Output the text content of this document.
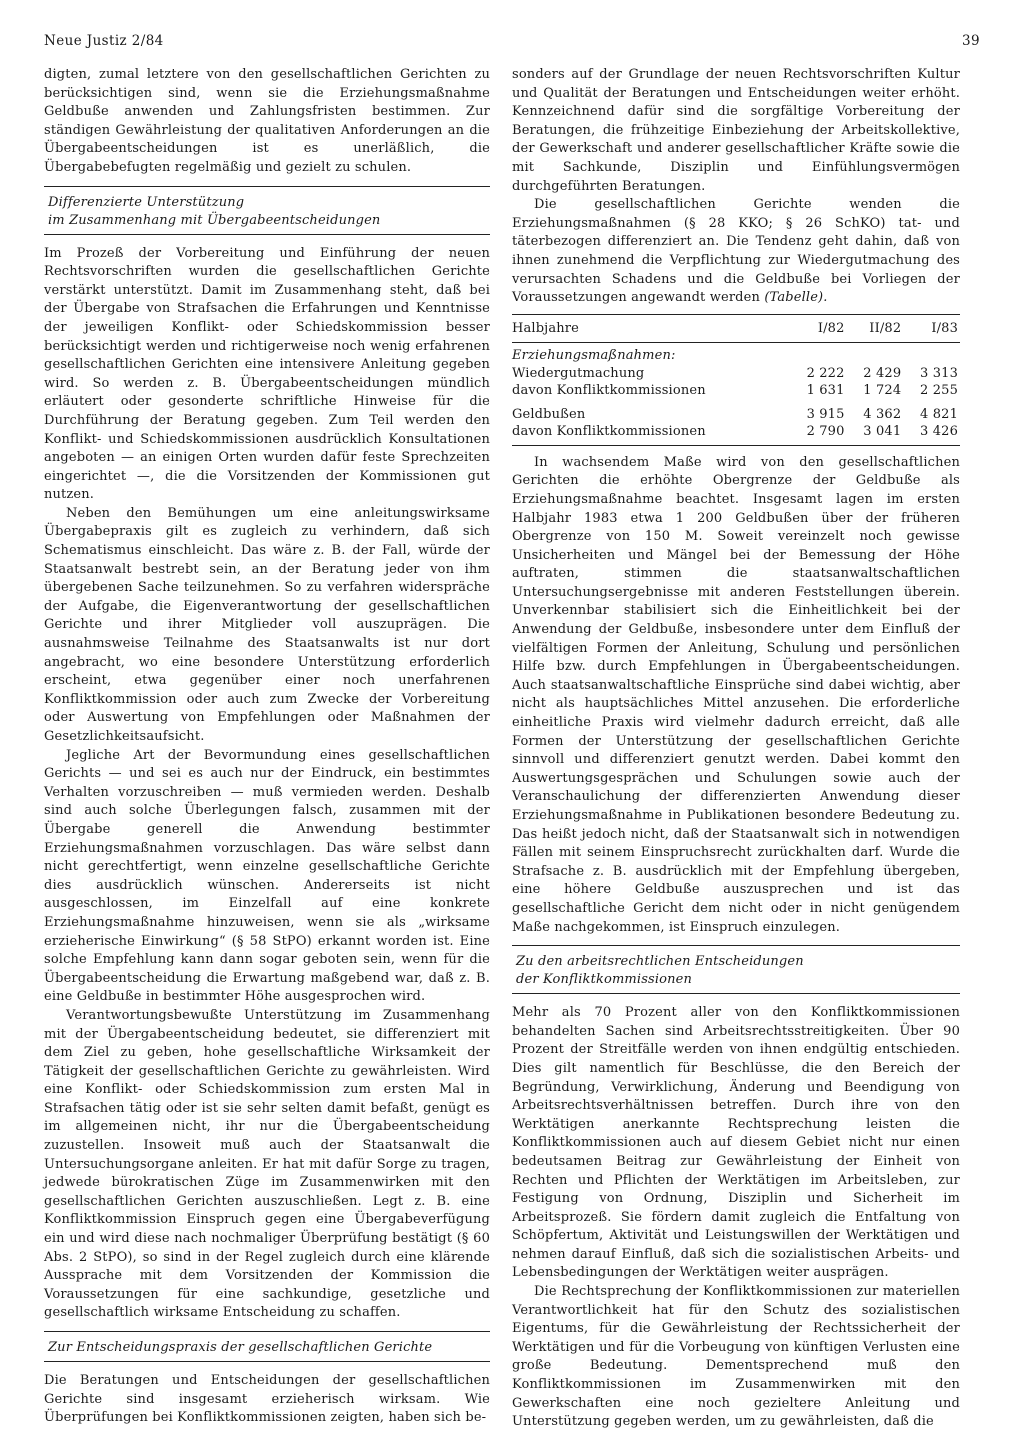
Neue Justiz 2/84	39

digten, zumal letztere von den gesellschaftlichen Gerichten zu berücksichtigen sind, wenn sie die Erziehungsmaßnahme Geldbuße anwenden und Zahlungsfristen bestimmen. Zur ständigen Gewährleistung der qualitativen Anforderungen an die Übergabeentscheidungen ist es unerläßlich, die Übergabebefugten regelmäßig und gezielt zu schulen.

Differenzierte Unterstützung
im Zusammenhang mit Übergabeentscheidungen

Im Prozeß der Vorbereitung und Einführung der neuen Rechtsvorschriften wurden die gesellschaftlichen Gerichte verstärkt unterstützt. Damit im Zusammenhang steht, daß bei der Übergabe von Strafsachen die Erfahrungen und Kenntnisse der jeweiligen Konflikt- oder Schiedskommission besser berücksichtigt werden und richtigerweise noch wenig erfahrenen gesellschaftlichen Gerichten eine intensivere Anleitung gegeben wird. So werden z. B. Übergabeentscheidungen mündlich erläutert oder gesonderte schriftliche Hinweise für die Durchführung der Beratung gegeben. Zum Teil werden den Konflikt- und Schiedskommissionen ausdrücklich Konsultationen angeboten — an einigen Orten wurden dafür feste Sprechzeiten eingerichtet —, die die Vorsitzenden der Kommissionen gut nutzen.

Neben den Bemühungen um eine anleitungswirksame Übergabepraxis gilt es zugleich zu verhindern, daß sich Schematismus einschleicht. Das wäre z. B. der Fall, würde der Staatsanwalt bestrebt sein, an der Beratung jeder von ihm übergebenen Sache teilzunehmen. So zu verfahren widerspräche der Aufgabe, die Eigenverantwortung der gesellschaftlichen Gerichte und ihrer Mitglieder voll auszuprägen. Die ausnahmsweise Teilnahme des Staatsanwalts ist nur dort angebracht, wo eine besondere Unterstützung erforderlich erscheint, etwa gegenüber einer noch unerfahrenen Konfliktkommission oder auch zum Zwecke der Vorbereitung oder Auswertung von Empfehlungen oder Maßnahmen der Gesetzlichkeitsaufsicht.

Jegliche Art der Bevormundung eines gesellschaftlichen Gerichts — und sei es auch nur der Eindruck, ein bestimmtes Verhalten vorzuschreiben — muß vermieden werden. Deshalb sind auch solche Überlegungen falsch, zusammen mit der Übergabe generell die Anwendung bestimmter Erziehungsmaßnahmen vorzuschlagen. Das wäre selbst dann nicht gerechtfertigt, wenn einzelne gesellschaftliche Gerichte dies ausdrücklich wünschen. Andererseits ist nicht ausgeschlossen, im Einzelfall auf eine konkrete Erziehungsmaßnahme hinzuweisen, wenn sie als „wirksame erzieherische Einwirkung“ (§ 58 StPO) erkannt worden ist. Eine solche Empfehlung kann dann sogar geboten sein, wenn für die Übergabeentscheidung die Erwartung maßgebend war, daß z. B. eine Geldbuße in bestimmter Höhe ausgesprochen wird.

Verantwortungsbewußte Unterstützung im Zusammenhang mit der Übergabeentscheidung bedeutet, sie differenziert mit dem Ziel zu geben, hohe gesellschaftliche Wirksamkeit der Tätigkeit der gesellschaftlichen Gerichte zu gewährleisten. Wird eine Konflikt- oder Schiedskommission zum ersten Mal in Strafsachen tätig oder ist sie sehr selten damit befaßt, genügt es im allgemeinen nicht, ihr nur die Übergabeentscheidung zuzustellen. Insoweit muß auch der Staatsanwalt die Untersuchungsorgane anleiten. Er hat mit dafür Sorge zu tragen, jedwede bürokratischen Züge im Zusammenwirken mit den gesellschaftlichen Gerichten auszuschließen. Legt z. B. eine Konfliktkommission Einspruch gegen eine Übergabeverfügung ein und wird diese nach nochmaliger Überprüfung bestätigt (§ 60 Abs. 2 StPO), so sind in der Regel zugleich durch eine klärende Aussprache mit dem Vorsitzenden der Kommission die Voraussetzungen für eine sachkundige, gesetzliche und gesellschaftlich wirksame Entscheidung zu schaffen.

Zur Entscheidungspraxis der gesellschaftlichen Gerichte

Die Beratungen und Entscheidungen der gesellschaftlichen Gerichte sind insgesamt erzieherisch wirksam. Wie Überprüfungen bei Konfliktkommissionen zeigten, haben sich be-

sonders auf der Grundlage der neuen Rechtsvorschriften Kultur und Qualität der Beratungen und Entscheidungen weiter erhöht. Kennzeichnend dafür sind die sorgfältige Vorbereitung der Beratungen, die frühzeitige Einbeziehung der Arbeitskollektive, der Gewerkschaft und anderer gesellschaftlicher Kräfte sowie die mit Sachkunde, Disziplin und Einfühlungsvermögen durchgeführten Beratungen.

Die gesellschaftlichen Gerichte wenden die Erziehungsmaßnahmen (§ 28 KKO; § 26 SchKO) tat- und täterbezogen differenziert an. Die Tendenz geht dahin, daß von ihnen zunehmend die Verpflichtung zur Wiedergutmachung des verursachten Schadens und die Geldbuße bei Vorliegen der Voraussetzungen angewandt werden (Tabelle).

Halbjahre	I/82	II/82	I/83
Erziehungsmaßnahmen:			
Wiedergutmachung	2 222	2 429	3 313
davon Konfliktkommissionen	1 631	1 724	2 255
Geldbußen	3 915	4 362	4 821
davon Konfliktkommissionen	2 790	3 041	3 426

In wachsendem Maße wird von den gesellschaftlichen Gerichten die erhöhte Obergrenze der Geldbuße als Erziehungsmaßnahme beachtet. Insgesamt lagen im ersten Halbjahr 1983 etwa 1 200 Geldbußen über der früheren Obergrenze von 150 M. Soweit vereinzelt noch gewisse Unsicherheiten und Mängel bei der Bemessung der Höhe auftraten, stimmen die staatsanwaltschaftlichen Untersuchungsergebnisse mit anderen Feststellungen überein. Unverkennbar stabilisiert sich die Einheitlichkeit bei der Anwendung der Geldbuße, insbesondere unter dem Einfluß der vielfältigen Formen der Anleitung, Schulung und persönlichen Hilfe bzw. durch Empfehlungen in Übergabeentscheidungen. Auch staatsanwaltschaftliche Einsprüche sind dabei wichtig, aber nicht als hauptsächliches Mittel anzusehen. Die erforderliche einheitliche Praxis wird vielmehr dadurch erreicht, daß alle Formen der Unterstützung der gesellschaftlichen Gerichte sinnvoll und differenziert genutzt werden. Dabei kommt den Auswertungsgesprächen und Schulungen sowie auch der Veranschaulichung der differenzierten Anwendung dieser Erziehungsmaßnahme in Publikationen besondere Bedeutung zu. Das heißt jedoch nicht, daß der Staatsanwalt sich in notwendigen Fällen mit seinem Einspruchsrecht zurückhalten darf. Wurde die Strafsache z. B. ausdrücklich mit der Empfehlung übergeben, eine höhere Geldbuße auszusprechen und ist das gesellschaftliche Gericht dem nicht oder in nicht genügendem Maße nachgekommen, ist Einspruch einzulegen.

Zu den arbeitsrechtlichen Entscheidungen
der Konfliktkommissionen

Mehr als 70 Prozent aller von den Konfliktkommissionen behandelten Sachen sind Arbeitsrechtsstreitigkeiten. Über 90 Prozent der Streitfälle werden von ihnen endgültig entschieden. Dies gilt namentlich für Beschlüsse, die den Bereich der Begründung, Verwirklichung, Änderung und Beendigung von Arbeitsrechtsverhältnissen betreffen. Durch ihre von den Werktätigen anerkannte Rechtsprechung leisten die Konfliktkommissionen auch auf diesem Gebiet nicht nur einen bedeutsamen Beitrag zur Gewährleistung der Einheit von Rechten und Pflichten der Werktätigen im Arbeitsleben, zur Festigung von Ordnung, Disziplin und Sicherheit im Arbeitsprozeß. Sie fördern damit zugleich die Entfaltung von Schöpfertum, Aktivität und Leistungswillen der Werktätigen und nehmen darauf Einfluß, daß sich die sozialistischen Arbeits- und Lebensbedingungen der Werktätigen weiter ausprägen.

Die Rechtsprechung der Konfliktkommissionen zur materiellen Verantwortlichkeit hat für den Schutz des sozialistischen Eigentums, für die Gewährleistung der Rechtssicherheit der Werktätigen und für die Vorbeugung von künftigen Verlusten eine große Bedeutung. Dementsprechend muß den Konfliktkommissionen im Zusammenwirken mit den Gewerkschaften eine noch gezieltere Anleitung und Unterstützung gegeben werden, um zu gewährleisten, daß die
